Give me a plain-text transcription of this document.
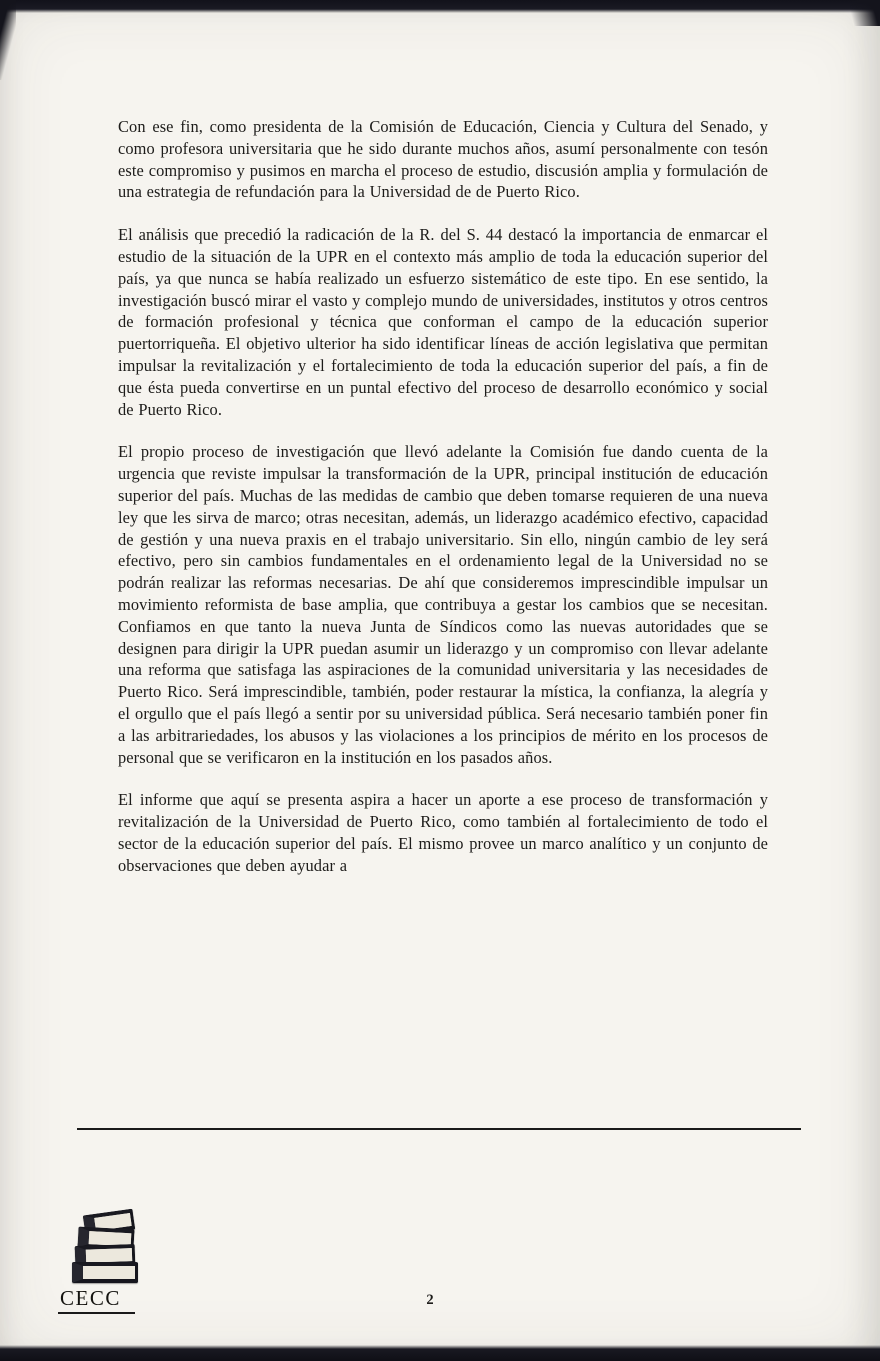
Con ese fin, como presidenta de la Comisión de Educación, Ciencia y Cultura del Senado, y como profesora universitaria que he sido durante muchos años, asumí personalmente con tesón este compromiso y pusimos en marcha el proceso de estudio, discusión amplia y formulación de una estrategia de refundación para la Universidad de de Puerto Rico.

El análisis que precedió la radicación de la R. del S. 44 destacó la importancia de enmarcar el estudio de la situación de la UPR en el contexto más amplio de toda la educación superior del país, ya que nunca se había realizado un esfuerzo sistemático de este tipo. En ese sentido, la investigación buscó mirar el vasto y complejo mundo de universidades, institutos y otros centros de formación profesional y técnica que conforman el campo de la educación superior puertorriqueña. El objetivo ulterior ha sido identificar líneas de acción legislativa que permitan impulsar la revitalización y el fortalecimiento de toda la educación superior del país, a fin de que ésta pueda convertirse en un puntal efectivo del proceso de desarrollo económico y social de Puerto Rico.

El propio proceso de investigación que llevó adelante la Comisión fue dando cuenta de la urgencia que reviste impulsar la transformación de la UPR, principal institución de educación superior del país. Muchas de las medidas de cambio que deben tomarse requieren de una nueva ley que les sirva de marco; otras necesitan, además, un liderazgo académico efectivo, capacidad de gestión y una nueva praxis en el trabajo universitario. Sin ello, ningún cambio de ley será efectivo, pero sin cambios fundamentales en el ordenamiento legal de la Universidad no se podrán realizar las reformas necesarias. De ahí que consideremos imprescindible impulsar un movimiento reformista de base amplia, que contribuya a gestar los cambios que se necesitan. Confiamos en que tanto la nueva Junta de Síndicos como las nuevas autoridades que se designen para dirigir la UPR puedan asumir un liderazgo y un compromiso con llevar adelante una reforma que satisfaga las aspiraciones de la comunidad universitaria y las necesidades de Puerto Rico. Será imprescindible, también, poder restaurar la mística, la confianza, la alegría y el orgullo que el país llegó a sentir por su universidad pública. Será necesario también poner fin a las arbitrariedades, los abusos y las violaciones a los principios de mérito en los procesos de personal que se verificaron en la institución en los pasados años.

El informe que aquí se presenta aspira a hacer un aporte a ese proceso de transformación y revitalización de la Universidad de Puerto Rico, como también al fortalecimiento de todo el sector de la educación superior del país. El mismo provee un marco analítico y un conjunto de observaciones que deben ayudar a

CECC	2
